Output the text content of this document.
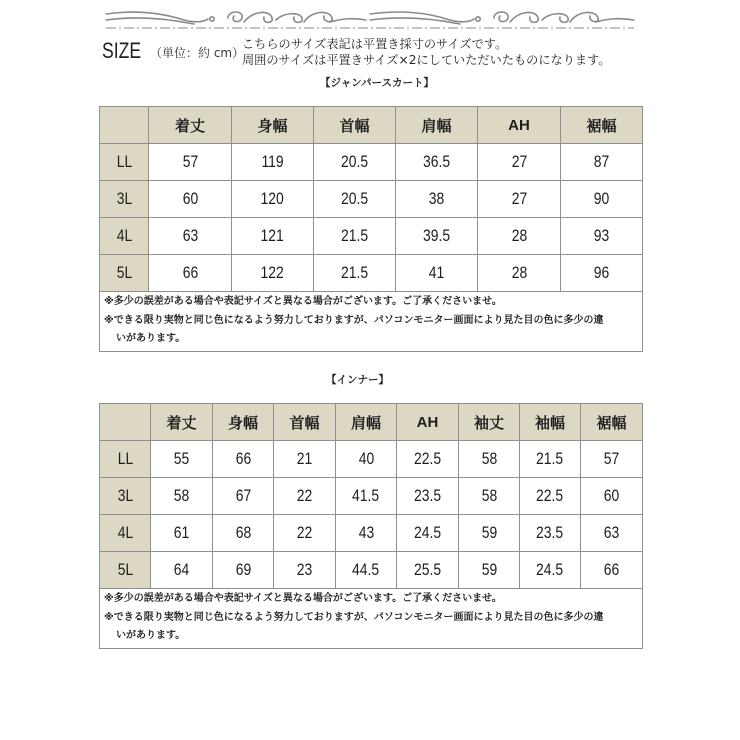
SIZE （単位：約 cm）
こちらのサイズ表記は平置き採寸のサイズです。
周囲のサイズは平置きサイズ×2にしていただいたものになります。
【ジャンパースカート】
	着丈	身幅	首幅	肩幅	AH	裾幅
LL	57	119	20.5	36.5	27	87
3L	60	120	20.5	38	27	90
4L	63	121	21.5	39.5	28	93
5L	66	122	21.5	41	28	96

※多少の誤差がある場合や表記サイズと異なる場合がございます。ご了承くださいませ。
※できる限り実物と同じ色になるよう努力しておりますが、パソコンモニター画面により見た目の色に多少の違
いがあります。						
【インナー】
	着丈	身幅	首幅	肩幅	AH	袖丈	袖幅	裾幅
LL	55	66	21	40	22.5	58	21.5	57
3L	58	67	22	41.5	23.5	58	22.5	60
4L	61	68	22	43	24.5	59	23.5	63
5L	64	69	23	44.5	25.5	59	24.5	66

※多少の誤差がある場合や表記サイズと異なる場合がございます。ご了承くださいませ。
※できる限り実物と同じ色になるよう努力しておりますが、パソコンモニター画面により見た目の色に多少の違
いがあります。								
